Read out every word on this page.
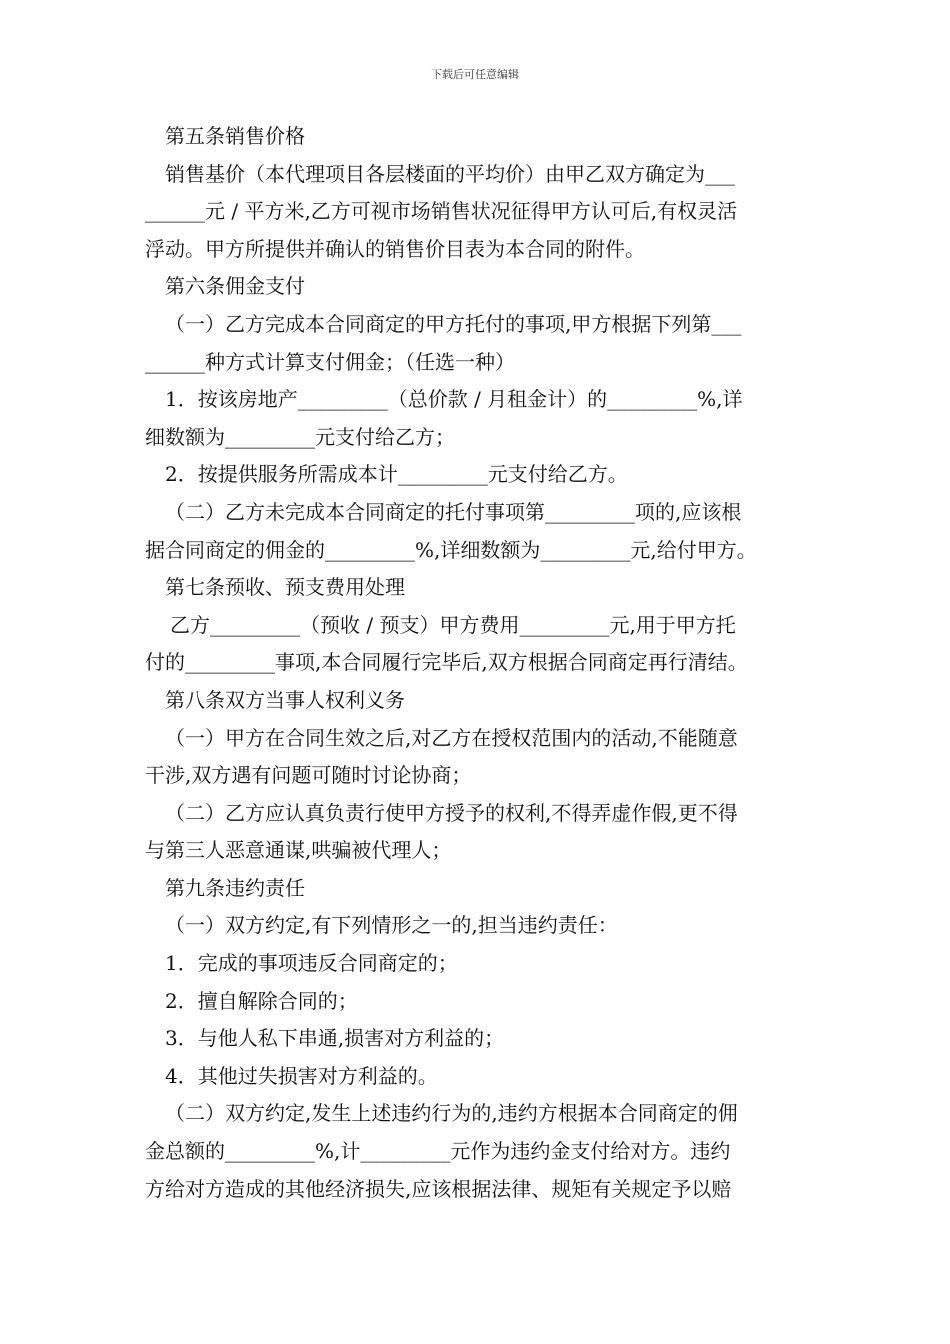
下载后可任意编辑

第五条销售价格

销售基价（本代理项目各层楼面的平均价）由甲乙双方确定为___

______元 / 平方米,乙方可视市场销售状况征得甲方认可后,有权灵活

浮动。甲方所提供并确认的销售价目表为本合同的附件。

第六条佣金支付

（一）乙方完成本合同商定的甲方托付的事项,甲方根据下列第___

______种方式计算支付佣金；（任选一种）

1．按该房地产_________（总价款 / 月租金计）的_________%,详

细数额为_________元支付给乙方；

2．按提供服务所需成本计_________元支付给乙方。

（二）乙方未完成本合同商定的托付事项第_________项的,应该根

据合同商定的佣金的_________%,详细数额为_________元,给付甲方。

第七条预收、预支费用处理

乙方_________（预收 / 预支）甲方费用_________元,用于甲方托

付的_________事项,本合同履行完毕后,双方根据合同商定再行清结。

第八条双方当事人权利义务

（一）甲方在合同生效之后,对乙方在授权范围内的活动,不能随意

干涉,双方遇有问题可随时讨论协商；

（二）乙方应认真负责行使甲方授予的权利,不得弄虚作假,更不得

与第三人恶意通谋,哄骗被代理人；

第九条违约责任

（一）双方约定,有下列情形之一的,担当违约责任：

1．完成的事项违反合同商定的；

2．擅自解除合同的；

3．与他人私下串通,损害对方利益的；

4．其他过失损害对方利益的。

（二）双方约定,发生上述违约行为的,违约方根据本合同商定的佣

金总额的_________%,计_________元作为违约金支付给对方。违约

方给对方造成的其他经济损失,应该根据法律、规矩有关规定予以赔
